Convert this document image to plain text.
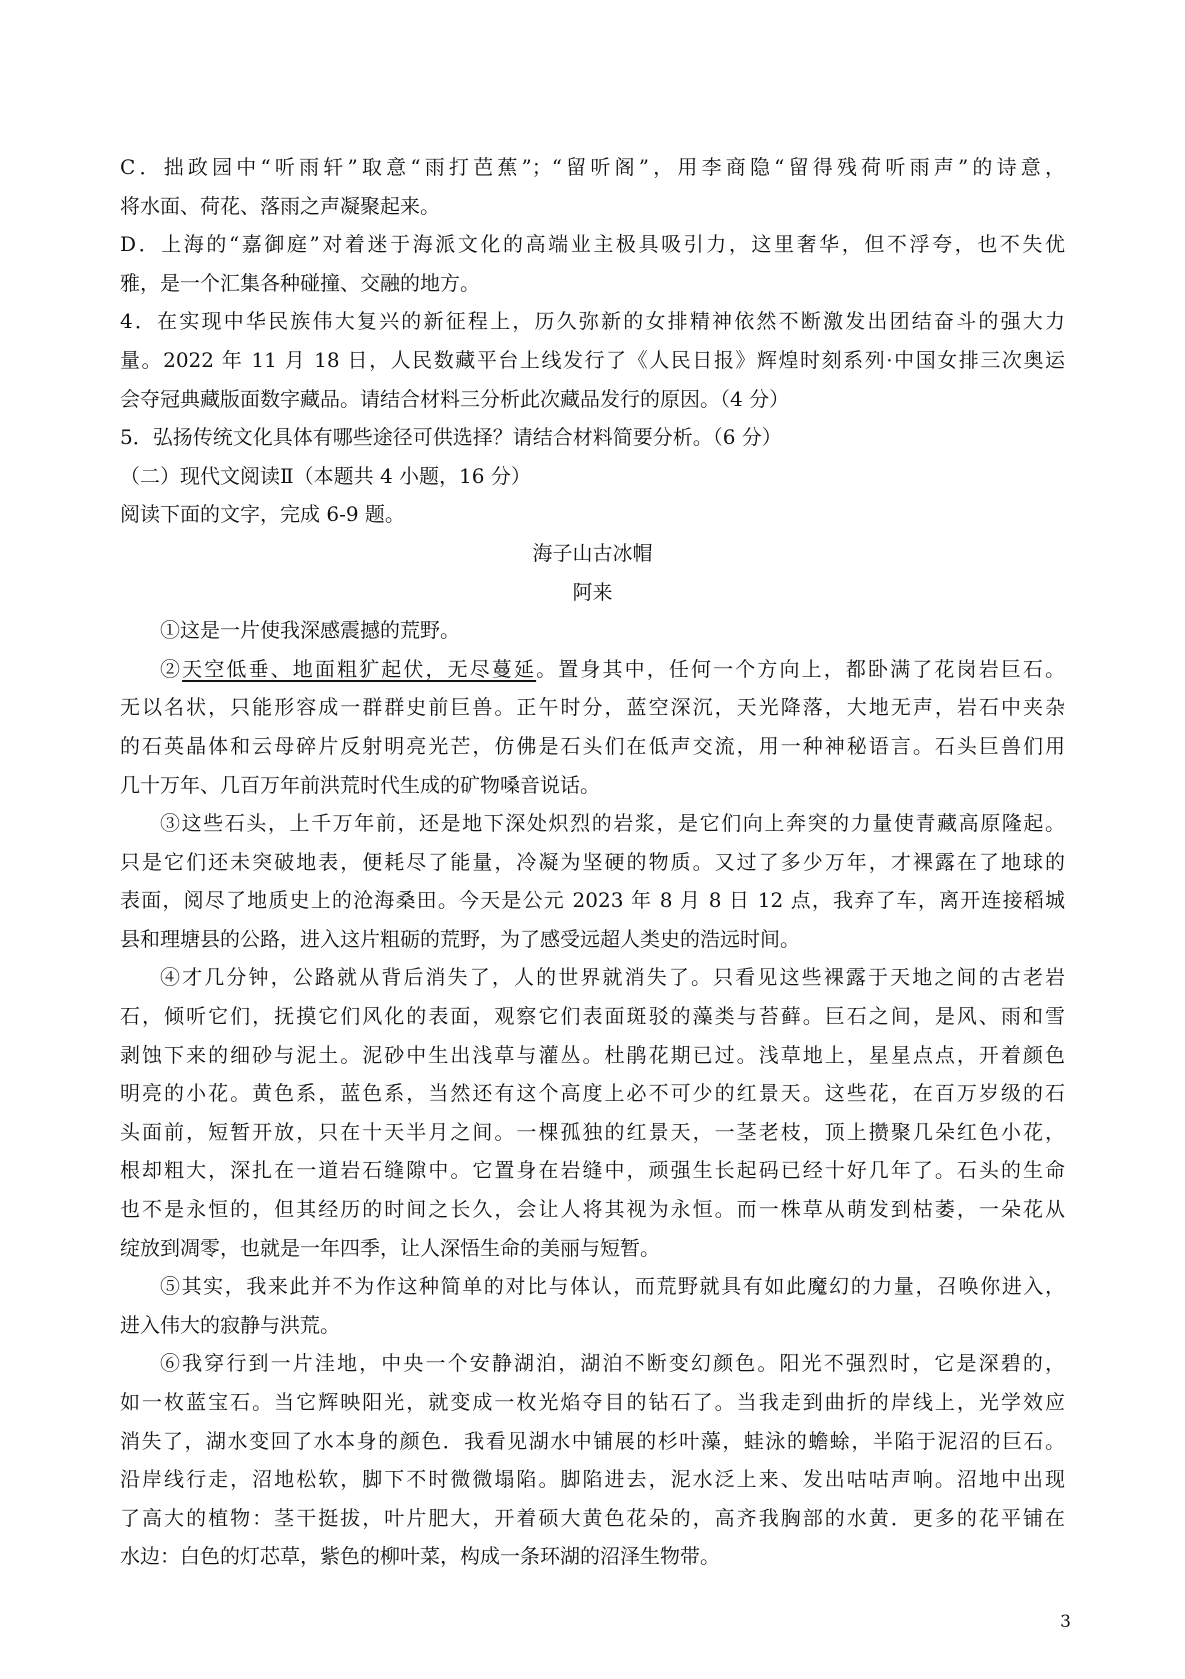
C．拙政园中“听雨轩”取意“雨打芭蕉”；“留听阁”，用李商隐“留得残荷听雨声”的诗意，
将水面、荷花、落雨之声凝聚起来。
D．上海的“嘉御庭”对着迷于海派文化的高端业主极具吸引力，这里奢华，但不浮夸，也不失优
雅，是一个汇集各种碰撞、交融的地方。
4．在实现中华民族伟大复兴的新征程上，历久弥新的女排精神依然不断激发出团结奋斗的强大力
量。2022 年 11 月 18 日，人民数藏平台上线发行了《人民日报》辉煌时刻系列·中国女排三次奥运
会夺冠典藏版面数字藏品。请结合材料三分析此次藏品发行的原因。（4 分）
5．弘扬传统文化具体有哪些途径可供选择？请结合材料简要分析。（6 分）
（二）现代文阅读Ⅱ（本题共 4 小题，16 分）
阅读下面的文字，完成 6-9 题。
海子山古冰帽
阿来
①这是一片使我深感震撼的荒野。
②天空低垂、地面粗犷起伏，无尽蔓延。置身其中，任何一个方向上，都卧满了花岗岩巨石。
无以名状，只能形容成一群群史前巨兽。正午时分，蓝空深沉，天光降落，大地无声，岩石中夹杂
的石英晶体和云母碎片反射明亮光芒，仿佛是石头们在低声交流，用一种神秘语言。石头巨兽们用
几十万年、几百万年前洪荒时代生成的矿物嗓音说话。
③这些石头，上千万年前，还是地下深处炽烈的岩浆，是它们向上奔突的力量使青藏高原隆起。
只是它们还未突破地表，便耗尽了能量，冷凝为坚硬的物质。又过了多少万年，才裸露在了地球的
表面，阅尽了地质史上的沧海桑田。今天是公元 2023 年 8 月 8 日 12 点，我弃了车，离开连接稻城
县和理塘县的公路，进入这片粗砺的荒野，为了感受远超人类史的浩远时间。
④才几分钟，公路就从背后消失了，人的世界就消失了。只看见这些裸露于天地之间的古老岩
石，倾听它们，抚摸它们风化的表面，观察它们表面斑驳的藻类与苔藓。巨石之间，是风、雨和雪
剥蚀下来的细砂与泥土。泥砂中生出浅草与灌丛。杜鹃花期已过。浅草地上，星星点点，开着颜色
明亮的小花。黄色系，蓝色系，当然还有这个高度上必不可少的红景天。这些花，在百万岁级的石
头面前，短暂开放，只在十天半月之间。一棵孤独的红景天，一茎老枝，顶上攒聚几朵红色小花，
根却粗大，深扎在一道岩石缝隙中。它置身在岩缝中，顽强生长起码已经十好几年了。石头的生命
也不是永恒的，但其经历的时间之长久，会让人将其视为永恒。而一株草从萌发到枯萎，一朵花从
绽放到凋零，也就是一年四季，让人深悟生命的美丽与短暂。
⑤其实，我来此并不为作这种简单的对比与体认，而荒野就具有如此魔幻的力量，召唤你进入，
进入伟大的寂静与洪荒。
⑥我穿行到一片洼地，中央一个安静湖泊，湖泊不断变幻颜色。阳光不强烈时，它是深碧的，
如一枚蓝宝石。当它辉映阳光，就变成一枚光焰夺目的钻石了。当我走到曲折的岸线上，光学效应
消失了，湖水变回了水本身的颜色．我看见湖水中铺展的杉叶藻，蛙泳的蟾蜍，半陷于泥沼的巨石。
沿岸线行走，沼地松软，脚下不时微微塌陷。脚陷进去，泥水泛上来、发出咕咕声响。沼地中出现
了高大的植物：茎干挺拔，叶片肥大，开着硕大黄色花朵的，高齐我胸部的水黄．更多的花平铺在
水边：白色的灯芯草，紫色的柳叶菜，构成一条环湖的沼泽生物带。
3
